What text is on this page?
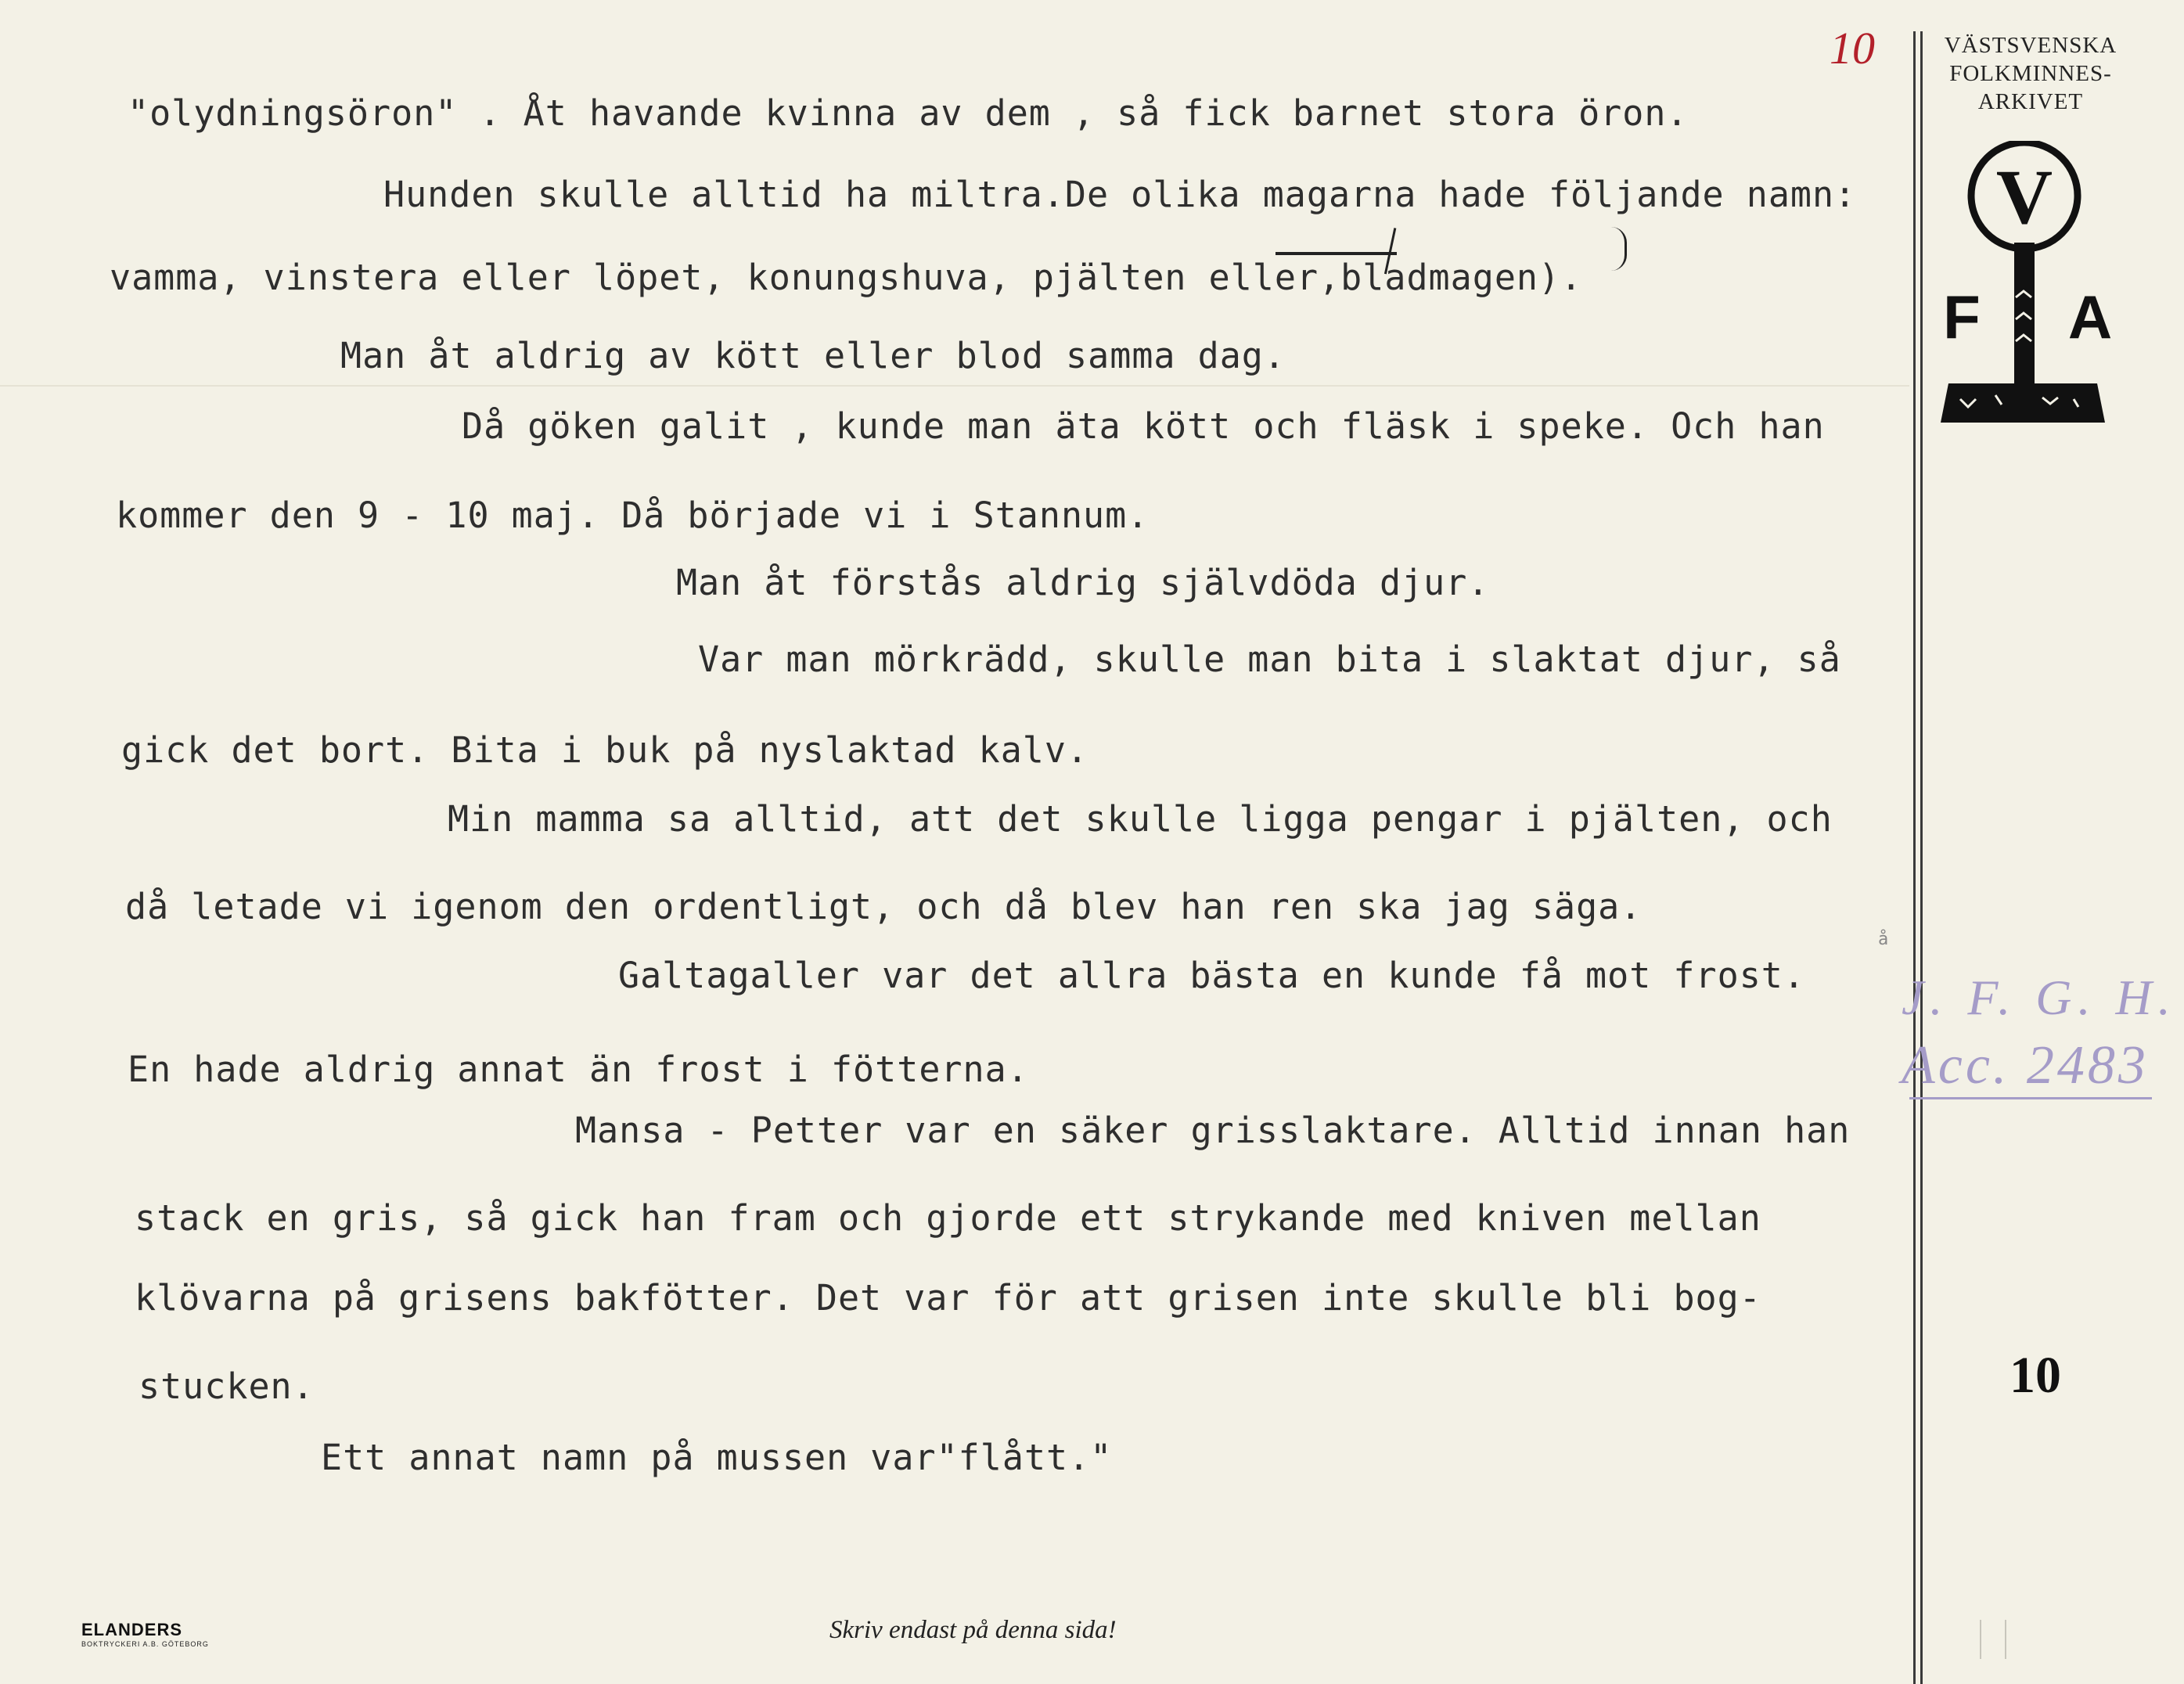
"olydningsöron" . Åt havande kvinna av dem , så fick barnet stora öron.
Hunden skulle alltid ha miltra.De olika magarna hade följande namn:
vamma, vinstera eller löpet, konungshuva, pjälten eller,bladmagen).
Man åt aldrig av kött eller blod samma dag.
Då göken galit , kunde man äta kött och fläsk i speke. Och han
kommer den 9 - 10 maj. Då började vi i Stannum.
Man åt förstås aldrig självdöda djur.
Var man mörkrädd, skulle man bita i slaktat djur, så
gick det bort. Bita i buk på nyslaktad kalv.
Min mamma sa alltid, att det skulle ligga pengar i pjälten, och
då letade vi igenom den ordentligt, och då blev han ren ska jag säga.
Galtagaller var det allra bästa en kunde få mot frost.
En hade aldrig annat än frost i fötterna.
Mansa - Petter var en säker grisslaktare. Alltid innan han
stack en gris, så gick han fram och gjorde ett strykande med kniven mellan
klövarna på grisens bakfötter. Det var för att grisen inte skulle bli bog-
stucken.
Ett annat namn på mussen var"flått."
å
VÄSTSVENSKA
FOLKMINNES-
ARKIVET
V
F A
10
J. F. G. H.
Acc. 2483
10
ELANDERS
BOKTRYCKERI A.B. GÖTEBORG	Skriv endast på denna sida!
